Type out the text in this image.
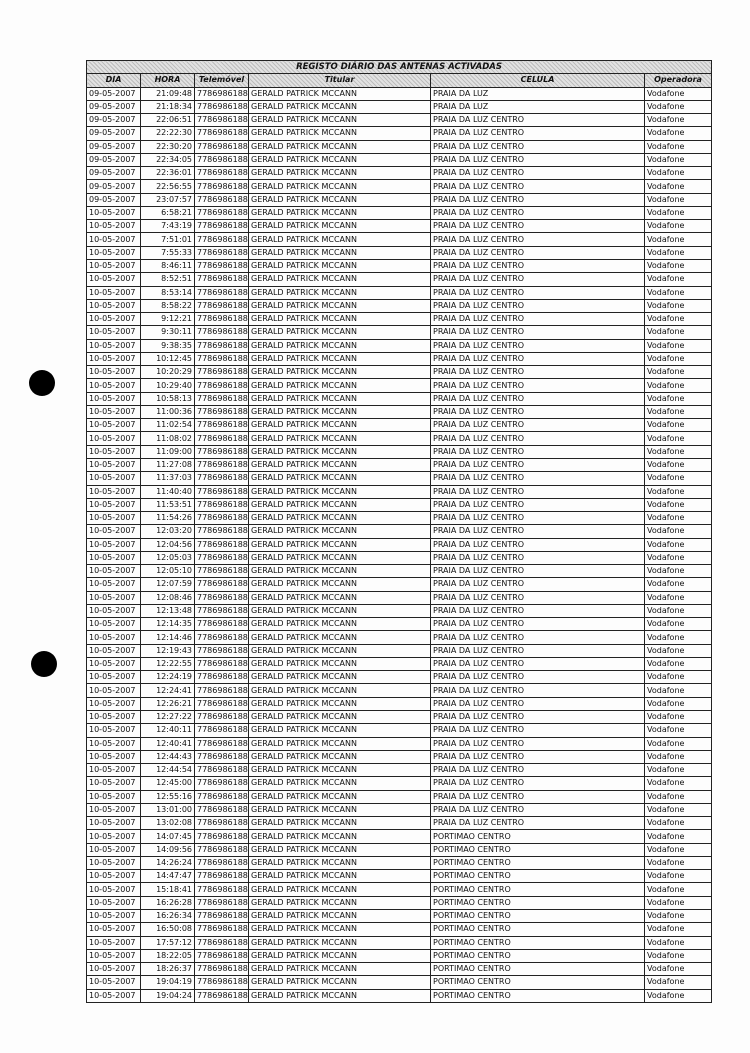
REGISTO DIÁRIO DAS ANTENAS ACTIVADAS					
DIA	HORA	Telemóvel	Titular	CELULA	Operadora
09-05-2007	21:09:48	7786986188	GERALD PATRICK MCCANN	PRAIA DA LUZ	Vodafone
09-05-2007	21:18:34	7786986188	GERALD PATRICK MCCANN	PRAIA DA LUZ	Vodafone
09-05-2007	22:06:51	7786986188	GERALD PATRICK MCCANN	PRAIA DA LUZ CENTRO	Vodafone
09-05-2007	22:22:30	7786986188	GERALD PATRICK MCCANN	PRAIA DA LUZ CENTRO	Vodafone
09-05-2007	22:30:20	7786986188	GERALD PATRICK MCCANN	PRAIA DA LUZ CENTRO	Vodafone
09-05-2007	22:34:05	7786986188	GERALD PATRICK MCCANN	PRAIA DA LUZ CENTRO	Vodafone
09-05-2007	22:36:01	7786986188	GERALD PATRICK MCCANN	PRAIA DA LUZ CENTRO	Vodafone
09-05-2007	22:56:55	7786986188	GERALD PATRICK MCCANN	PRAIA DA LUZ CENTRO	Vodafone
09-05-2007	23:07:57	7786986188	GERALD PATRICK MCCANN	PRAIA DA LUZ CENTRO	Vodafone
10-05-2007	6:58:21	7786986188	GERALD PATRICK MCCANN	PRAIA DA LUZ CENTRO	Vodafone
10-05-2007	7:43:19	7786986188	GERALD PATRICK MCCANN	PRAIA DA LUZ CENTRO	Vodafone
10-05-2007	7:51:01	7786986188	GERALD PATRICK MCCANN	PRAIA DA LUZ CENTRO	Vodafone
10-05-2007	7:55:33	7786986188	GERALD PATRICK MCCANN	PRAIA DA LUZ CENTRO	Vodafone
10-05-2007	8:46:11	7786986188	GERALD PATRICK MCCANN	PRAIA DA LUZ CENTRO	Vodafone
10-05-2007	8:52:51	7786986188	GERALD PATRICK MCCANN	PRAIA DA LUZ CENTRO	Vodafone
10-05-2007	8:53:14	7786986188	GERALD PATRICK MCCANN	PRAIA DA LUZ CENTRO	Vodafone
10-05-2007	8:58:22	7786986188	GERALD PATRICK MCCANN	PRAIA DA LUZ CENTRO	Vodafone
10-05-2007	9:12:21	7786986188	GERALD PATRICK MCCANN	PRAIA DA LUZ CENTRO	Vodafone
10-05-2007	9:30:11	7786986188	GERALD PATRICK MCCANN	PRAIA DA LUZ CENTRO	Vodafone
10-05-2007	9:38:35	7786986188	GERALD PATRICK MCCANN	PRAIA DA LUZ CENTRO	Vodafone
10-05-2007	10:12:45	7786986188	GERALD PATRICK MCCANN	PRAIA DA LUZ CENTRO	Vodafone
10-05-2007	10:20:29	7786986188	GERALD PATRICK MCCANN	PRAIA DA LUZ CENTRO	Vodafone
10-05-2007	10:29:40	7786986188	GERALD PATRICK MCCANN	PRAIA DA LUZ CENTRO	Vodafone
10-05-2007	10:58:13	7786986188	GERALD PATRICK MCCANN	PRAIA DA LUZ CENTRO	Vodafone
10-05-2007	11:00:36	7786986188	GERALD PATRICK MCCANN	PRAIA DA LUZ CENTRO	Vodafone
10-05-2007	11:02:54	7786986188	GERALD PATRICK MCCANN	PRAIA DA LUZ CENTRO	Vodafone
10-05-2007	11:08:02	7786986188	GERALD PATRICK MCCANN	PRAIA DA LUZ CENTRO	Vodafone
10-05-2007	11:09:00	7786986188	GERALD PATRICK MCCANN	PRAIA DA LUZ CENTRO	Vodafone
10-05-2007	11:27:08	7786986188	GERALD PATRICK MCCANN	PRAIA DA LUZ CENTRO	Vodafone
10-05-2007	11:37:03	7786986188	GERALD PATRICK MCCANN	PRAIA DA LUZ CENTRO	Vodafone
10-05-2007	11:40:40	7786986188	GERALD PATRICK MCCANN	PRAIA DA LUZ CENTRO	Vodafone
10-05-2007	11:53:51	7786986188	GERALD PATRICK MCCANN	PRAIA DA LUZ CENTRO	Vodafone
10-05-2007	11:54:26	7786986188	GERALD PATRICK MCCANN	PRAIA DA LUZ CENTRO	Vodafone
10-05-2007	12:03:20	7786986188	GERALD PATRICK MCCANN	PRAIA DA LUZ CENTRO	Vodafone
10-05-2007	12:04:56	7786986188	GERALD PATRICK MCCANN	PRAIA DA LUZ CENTRO	Vodafone
10-05-2007	12:05:03	7786986188	GERALD PATRICK MCCANN	PRAIA DA LUZ CENTRO	Vodafone
10-05-2007	12:05:10	7786986188	GERALD PATRICK MCCANN	PRAIA DA LUZ CENTRO	Vodafone
10-05-2007	12:07:59	7786986188	GERALD PATRICK MCCANN	PRAIA DA LUZ CENTRO	Vodafone
10-05-2007	12:08:46	7786986188	GERALD PATRICK MCCANN	PRAIA DA LUZ CENTRO	Vodafone
10-05-2007	12:13:48	7786986188	GERALD PATRICK MCCANN	PRAIA DA LUZ CENTRO	Vodafone
10-05-2007	12:14:35	7786986188	GERALD PATRICK MCCANN	PRAIA DA LUZ CENTRO	Vodafone
10-05-2007	12:14:46	7786986188	GERALD PATRICK MCCANN	PRAIA DA LUZ CENTRO	Vodafone
10-05-2007	12:19:43	7786986188	GERALD PATRICK MCCANN	PRAIA DA LUZ CENTRO	Vodafone
10-05-2007	12:22:55	7786986188	GERALD PATRICK MCCANN	PRAIA DA LUZ CENTRO	Vodafone
10-05-2007	12:24:19	7786986188	GERALD PATRICK MCCANN	PRAIA DA LUZ CENTRO	Vodafone
10-05-2007	12:24:41	7786986188	GERALD PATRICK MCCANN	PRAIA DA LUZ CENTRO	Vodafone
10-05-2007	12:26:21	7786986188	GERALD PATRICK MCCANN	PRAIA DA LUZ CENTRO	Vodafone
10-05-2007	12:27:22	7786986188	GERALD PATRICK MCCANN	PRAIA DA LUZ CENTRO	Vodafone
10-05-2007	12:40:11	7786986188	GERALD PATRICK MCCANN	PRAIA DA LUZ CENTRO	Vodafone
10-05-2007	12:40:41	7786986188	GERALD PATRICK MCCANN	PRAIA DA LUZ CENTRO	Vodafone
10-05-2007	12:44:43	7786986188	GERALD PATRICK MCCANN	PRAIA DA LUZ CENTRO	Vodafone
10-05-2007	12:44:54	7786986188	GERALD PATRICK MCCANN	PRAIA DA LUZ CENTRO	Vodafone
10-05-2007	12:45:00	7786986188	GERALD PATRICK MCCANN	PRAIA DA LUZ CENTRO	Vodafone
10-05-2007	12:55:16	7786986188	GERALD PATRICK MCCANN	PRAIA DA LUZ CENTRO	Vodafone
10-05-2007	13:01:00	7786986188	GERALD PATRICK MCCANN	PRAIA DA LUZ CENTRO	Vodafone
10-05-2007	13:02:08	7786986188	GERALD PATRICK MCCANN	PRAIA DA LUZ CENTRO	Vodafone
10-05-2007	14:07:45	7786986188	GERALD PATRICK MCCANN	PORTIMAO CENTRO	Vodafone
10-05-2007	14:09:56	7786986188	GERALD PATRICK MCCANN	PORTIMAO CENTRO	Vodafone
10-05-2007	14:26:24	7786986188	GERALD PATRICK MCCANN	PORTIMAO CENTRO	Vodafone
10-05-2007	14:47:47	7786986188	GERALD PATRICK MCCANN	PORTIMAO CENTRO	Vodafone
10-05-2007	15:18:41	7786986188	GERALD PATRICK MCCANN	PORTIMAO CENTRO	Vodafone
10-05-2007	16:26:28	7786986188	GERALD PATRICK MCCANN	PORTIMAO CENTRO	Vodafone
10-05-2007	16:26:34	7786986188	GERALD PATRICK MCCANN	PORTIMAO CENTRO	Vodafone
10-05-2007	16:50:08	7786986188	GERALD PATRICK MCCANN	PORTIMAO CENTRO	Vodafone
10-05-2007	17:57:12	7786986188	GERALD PATRICK MCCANN	PORTIMAO CENTRO	Vodafone
10-05-2007	18:22:05	7786986188	GERALD PATRICK MCCANN	PORTIMAO CENTRO	Vodafone
10-05-2007	18:26:37	7786986188	GERALD PATRICK MCCANN	PORTIMAO CENTRO	Vodafone
10-05-2007	19:04:19	7786986188	GERALD PATRICK MCCANN	PORTIMAO CENTRO	Vodafone
10-05-2007	19:04:24	7786986188	GERALD PATRICK MCCANN	PORTIMAO CENTRO	Vodafone
